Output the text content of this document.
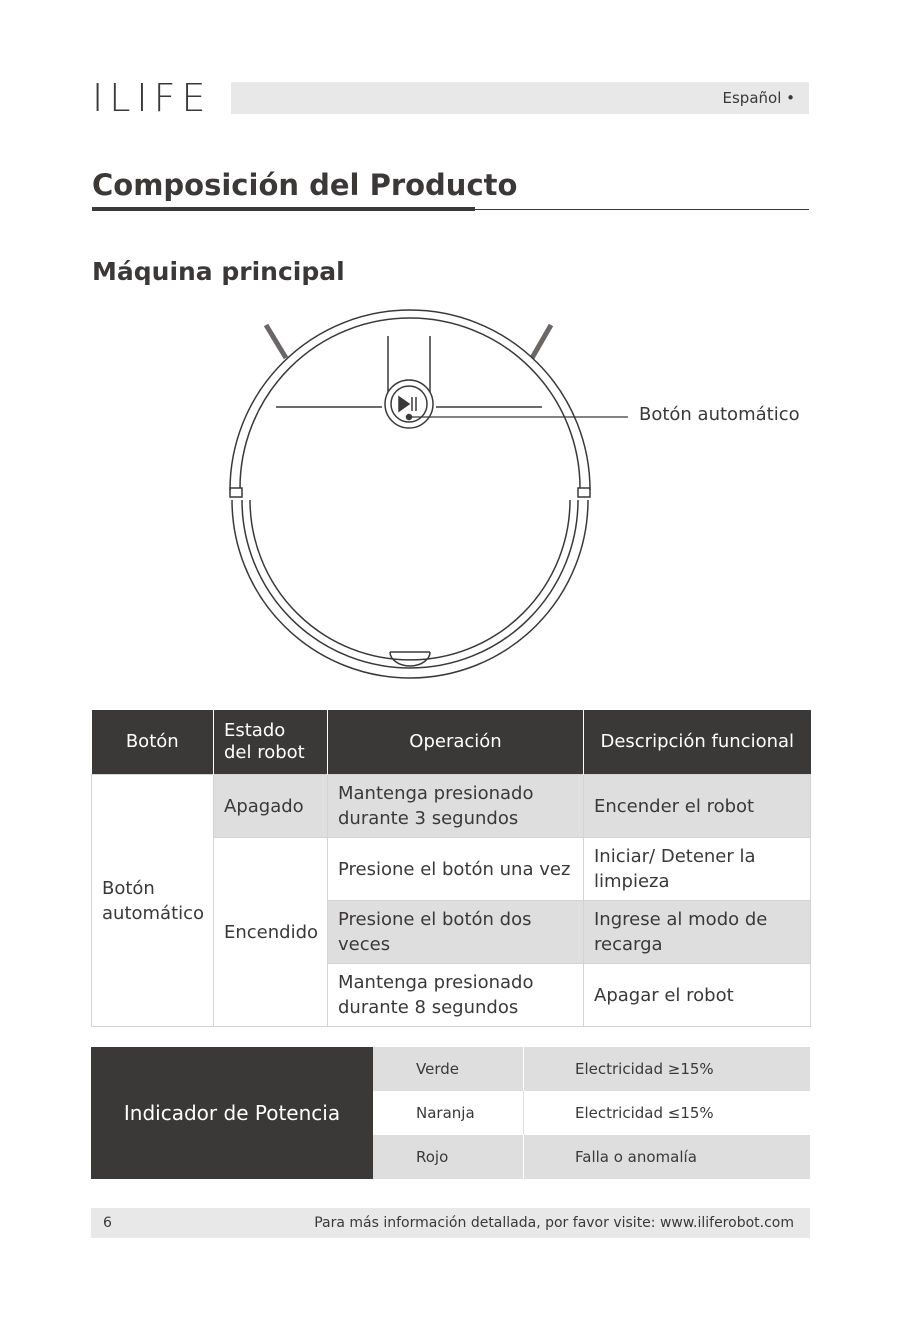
ILIFE	Español •
Composición del Producto
Máquina principal
Botón automático
Botón	Estado del robot	Operación	Descripción funcional
Botón automático	Apagado	Mantenga presionado durante 3 segundos	Encender el robot
	Encendido	Presione el botón una vez	Iniciar/ Detener la limpieza
		Presione el botón dos veces	Ingrese al modo de recarga
		Mantenga presionado durante 8 segundos	Apagar el robot
Indicador de Potencia
Verde	Electricidad ≥15%
Naranja	Electricidad ≤15%
Rojo	Falla o anomalía
6	Para más información detallada, por favor visite: www.iliferobot.com
